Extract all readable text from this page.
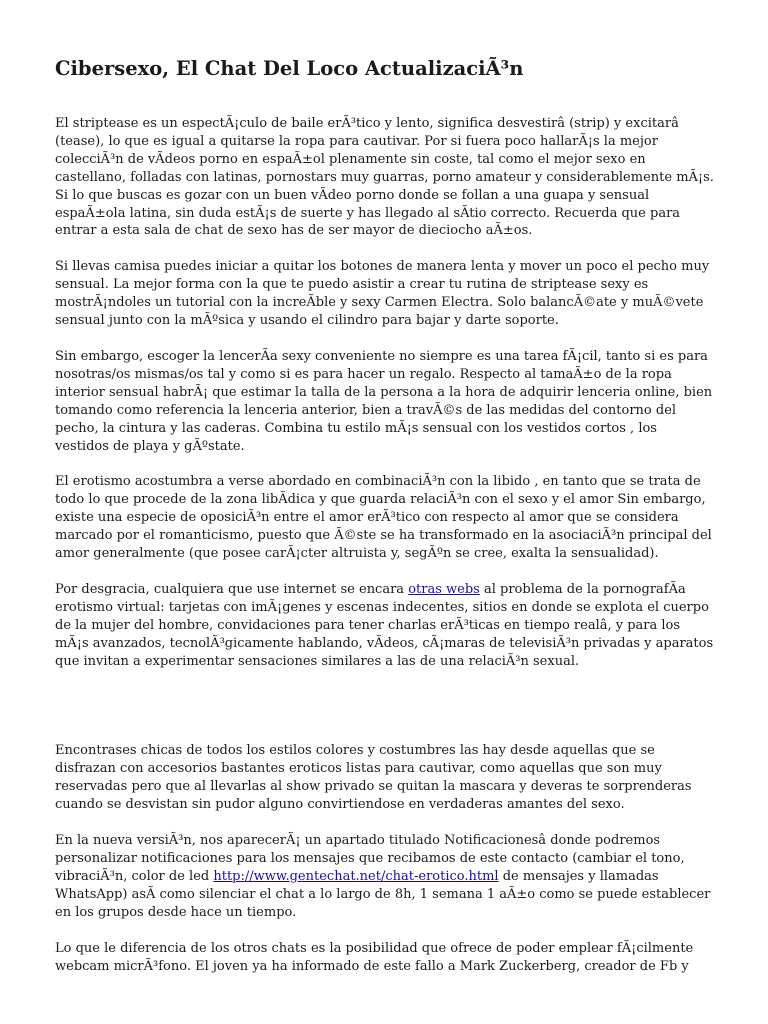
Cibersexo, El Chat Del Loco ActualizaciÃ³n

El striptease es un espectÃ¡culo de baile erÃ³tico y lento, significa desvestirâ (strip) y excitarâ (tease), lo que es igual a quitarse la ropa para cautivar. Por si fuera poco hallarÃ¡s la mejor colecciÃ³n de vÃdeos porno en espaÃ±ol plenamente sin coste, tal como el mejor sexo en castellano, folladas con latinas, pornostars muy guarras, porno amateur y considerablemente mÃ¡s. Si lo que buscas es gozar con un buen vÃdeo porno donde se follan a una guapa y sensual espaÃ±ola latina, sin duda estÃ¡s de suerte y has llegado al sÃtio correcto. Recuerda que para entrar a esta sala de chat de sexo has de ser mayor de dieciocho aÃ±os.

Si llevas camisa puedes iniciar a quitar los botones de manera lenta y mover un poco el pecho muy sensual. La mejor forma con la que te puedo asistir a crear tu rutina de striptease sexy es mostrÃ¡ndoles un tutorial con la increÃble y sexy Carmen Electra. Solo balancÃ©ate y muÃ©vete sensual junto con la mÃºsica y usando el cilindro para bajar y darte soporte.

Sin embargo, escoger la lencerÃa sexy conveniente no siempre es una tarea fÃ¡cil, tanto si es para nosotras/os mismas/os tal y como si es para hacer un regalo. Respecto al tamaÃ±o de la ropa interior sensual habrÃ¡ que estimar la talla de la persona a la hora de adquirir lenceria online, bien tomando como referencia la lenceria anterior, bien a travÃ©s de las medidas del contorno del pecho, la cintura y las caderas. Combina tu estilo mÃ¡s sensual con los vestidos cortos , los vestidos de playa y gÃºstate.

El erotismo acostumbra a verse abordado en combinaciÃ³n con la libido , en tanto que se trata de todo lo que procede de la zona libÃdica y que guarda relaciÃ³n con el sexo y el amor Sin embargo, existe una especie de oposiciÃ³n entre el amor erÃ³tico con respecto al amor que se considera marcado por el romanticismo, puesto que Ã©ste se ha transformado en la asociaciÃ³n principal del amor generalmente (que posee carÃ¡cter altruista y, segÃºn se cree, exalta la sensualidad).

Por desgracia, cualquiera que use internet se encara otras webs al problema de la pornografÃa erotismo virtual: tarjetas con imÃ¡genes y escenas indecentes, sitios en donde se explota el cuerpo de la mujer del hombre, convidaciones para tener charlas erÃ³ticas en tiempo realâ, y para los mÃ¡s avanzados, tecnolÃ³gicamente hablando, vÃdeos, cÃ¡maras de televisiÃ³n privadas y aparatos que invitan a experimentar sensaciones similares a las de una relaciÃ³n sexual.

Encontrases chicas de todos los estilos colores y costumbres las hay desde aquellas que se disfrazan con accesorios bastantes eroticos listas para cautivar, como aquellas que son muy reservadas pero que al llevarlas al show privado se quitan la mascara y deveras te sorprenderas cuando se desvistan sin pudor alguno convirtiendose en verdaderas amantes del sexo.

En la nueva versiÃ³n, nos aparecerÃ¡ un apartado titulado Notificacionesâ donde podremos personalizar notificaciones para los mensajes que recibamos de este contacto (cambiar el tono, vibraciÃ³n, color de led http://www.gentechat.net/chat-erotico.html de mensajes y llamadas WhatsApp) asÃ como silenciar el chat a lo largo de 8h, 1 semana 1 aÃ±o como se puede establecer en los grupos desde hace un tiempo.

Lo que le diferencia de los otros chats es la posibilidad que ofrece de poder emplear fÃ¡cilmente webcam micrÃ³fono. El joven ya ha informado de este fallo a Mark Zuckerberg, creador de Fb y
